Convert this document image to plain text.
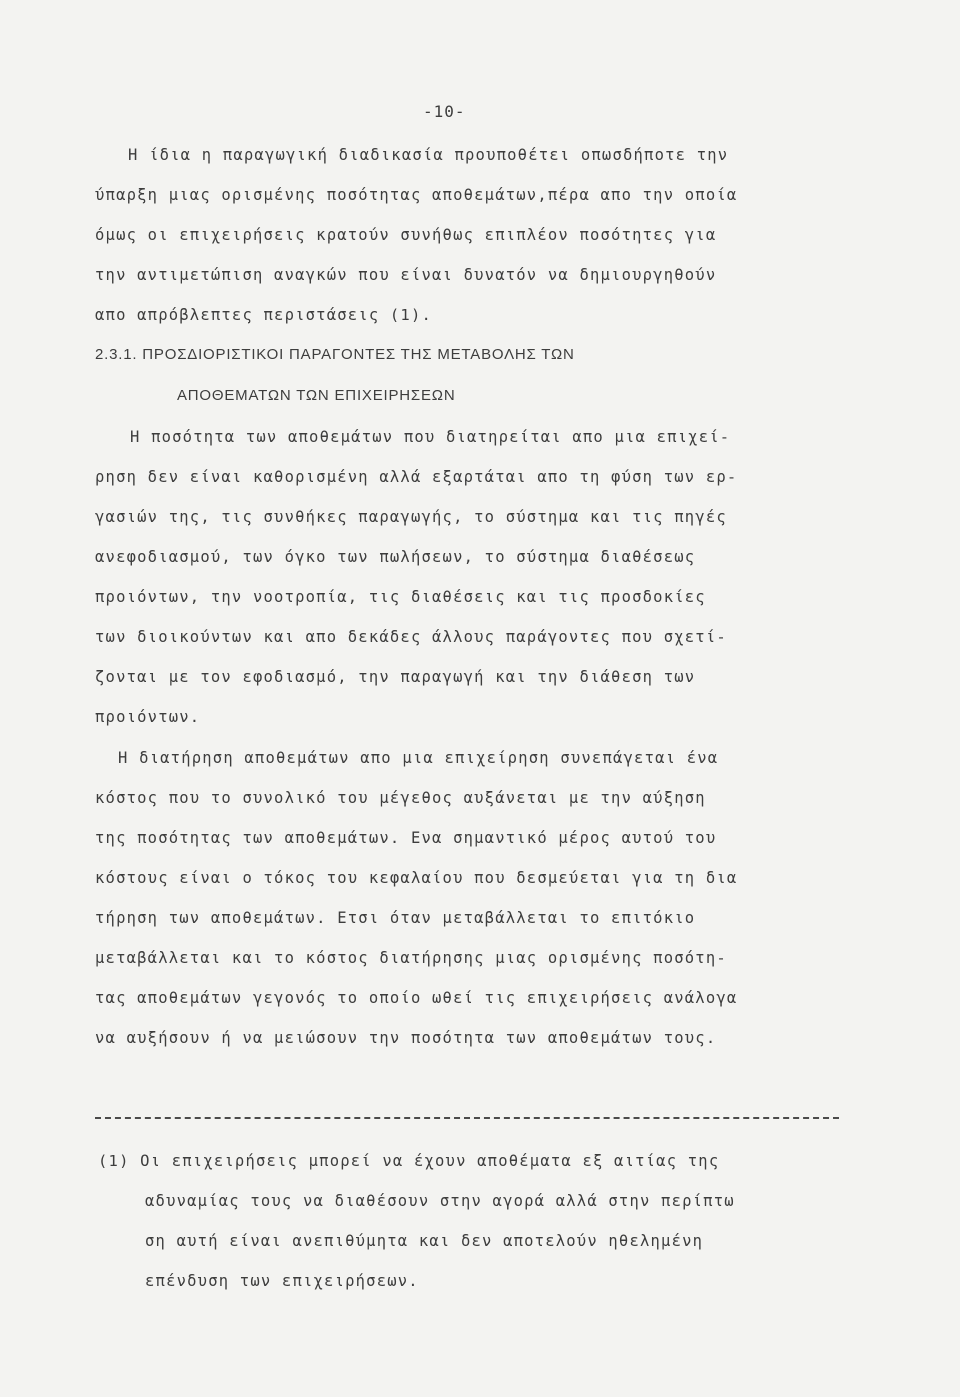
-10-
Η ίδια η παραγωγική διαδικασία προυποθέτει οπωσδήποτε την
ύπαρξη μιας ορισμένης ποσότητας αποθεμάτων,πέρα απο την οποία
όμως οι επιχειρήσεις κρατούν συνήθως επιπλέον ποσότητες για
την αντιμετώπιση αναγκών που είναι δυνατόν να δημιουργηθούν
απο απρόβλεπτες περιστάσεις (1).
2.3.1. ΠΡΟΣΔΙΟΡΙΣΤΙΚΟΙ ΠΑΡΑΓΟΝΤΕΣ ΤΗΣ ΜΕΤΑΒΟΛΗΣ ΤΩΝ
ΑΠΟΘΕΜΑΤΩΝ ΤΩΝ ΕΠΙΧΕΙΡΗΣΕΩΝ
Η ποσότητα των αποθεμάτων που διατηρείται απο μια επιχεί-
ρηση δεν είναι καθορισμένη αλλά εξαρτάται απο τη φύση των ερ-
γασιών της, τις συνθήκες παραγωγής, το σύστημα και τις πηγές
ανεφοδιασμού, των όγκο των πωλήσεων, το σύστημα διαθέσεως
προιόντων, την νοοτροπία, τις διαθέσεις και τις προσδοκίες
των διοικούντων και απο δεκάδες άλλους παράγοντες που σχετί-
ζονται με τον εφοδιασμό, την παραγωγή και την διάθεση των
προιόντων.
Η διατήρηση αποθεμάτων απο μια επιχείρηση συνεπάγεται ένα
κόστος που το συνολικό του μέγεθος αυξάνεται με την αύξηση
της ποσότητας των αποθεμάτων. Ενα σημαντικό μέρος αυτού του
κόστους είναι ο τόκος του κεφαλαίου που δεσμεύεται για τη δια
τήρηση των αποθεμάτων. Ετσι όταν μεταβάλλεται το επιτόκιο
μεταβάλλεται και το κόστος διατήρησης μιας ορισμένης ποσότη-
τας αποθεμάτων γεγονός το οποίο ωθεί τις επιχειρήσεις ανάλογα
να αυξήσουν ή να μειώσουν την ποσότητα των αποθεμάτων τους.
(1) Οι επιχειρήσεις μπορεί να έχουν αποθέματα εξ αιτίας της
αδυναμίας τους να διαθέσουν στην αγορά αλλά στην περίπτω
ση αυτή είναι ανεπιθύμητα και δεν αποτελούν ηθελημένη
επένδυση των επιχειρήσεων.
